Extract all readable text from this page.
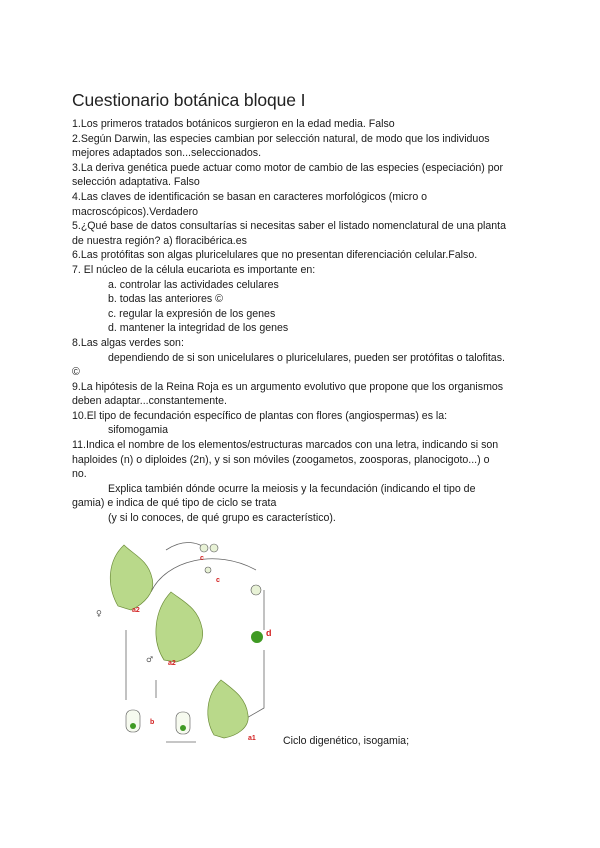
Cuestionario botánica bloque I
1.Los primeros tratados botánicos surgieron en la edad media. Falso
2.Según Darwin, las especies cambian por selección natural, de modo que los individuos
mejores adaptados son...seleccionados.
3.La deriva genética puede actuar como motor de cambio de las especies (especiación) por
selección adaptativa. Falso
4.Las claves de identificación se basan en caracteres morfológicos (micro o
macroscópicos).Verdadero
5.¿Qué base de datos consultarías si necesitas saber el listado nomenclatural de una planta
de nuestra región? a) floracibérica.es
6.Las protófitas son algas pluricelulares que no presentan diferenciación celular.Falso.
7. El núcleo de la célula eucariota es importante en:
a. controlar las actividades celulares
b. todas las anteriores ©
c. regular la expresión de los genes
d. mantener la integridad de los genes
8.Las algas verdes son:
dependiendo de si son unicelulares o pluricelulares, pueden ser protófitas o talofitas.
©
9.La hipótesis de la Reina Roja es un argumento evolutivo que propone que los organismos
deben adaptar...constantemente.
10.El tipo de fecundación específico de plantas con flores (angiospermas) es la:
sifomogamia
11.Indica el nombre de los elementos/estructuras marcados con una letra, indicando si son
haploides (n) o diploides (2n), y si son móviles (zoogametos, zoosporas, planocigoto...) o
no.
Explica también dónde ocurre la meiosis y la fecundación (indicando el tipo de
gamia) e indica de qué tipo de ciclo se trata
(y si lo conoces, de qué grupo es característico).
a2
a2
a1
b
c
c
d
♀
♂
Ciclo digenético, isogamia;
